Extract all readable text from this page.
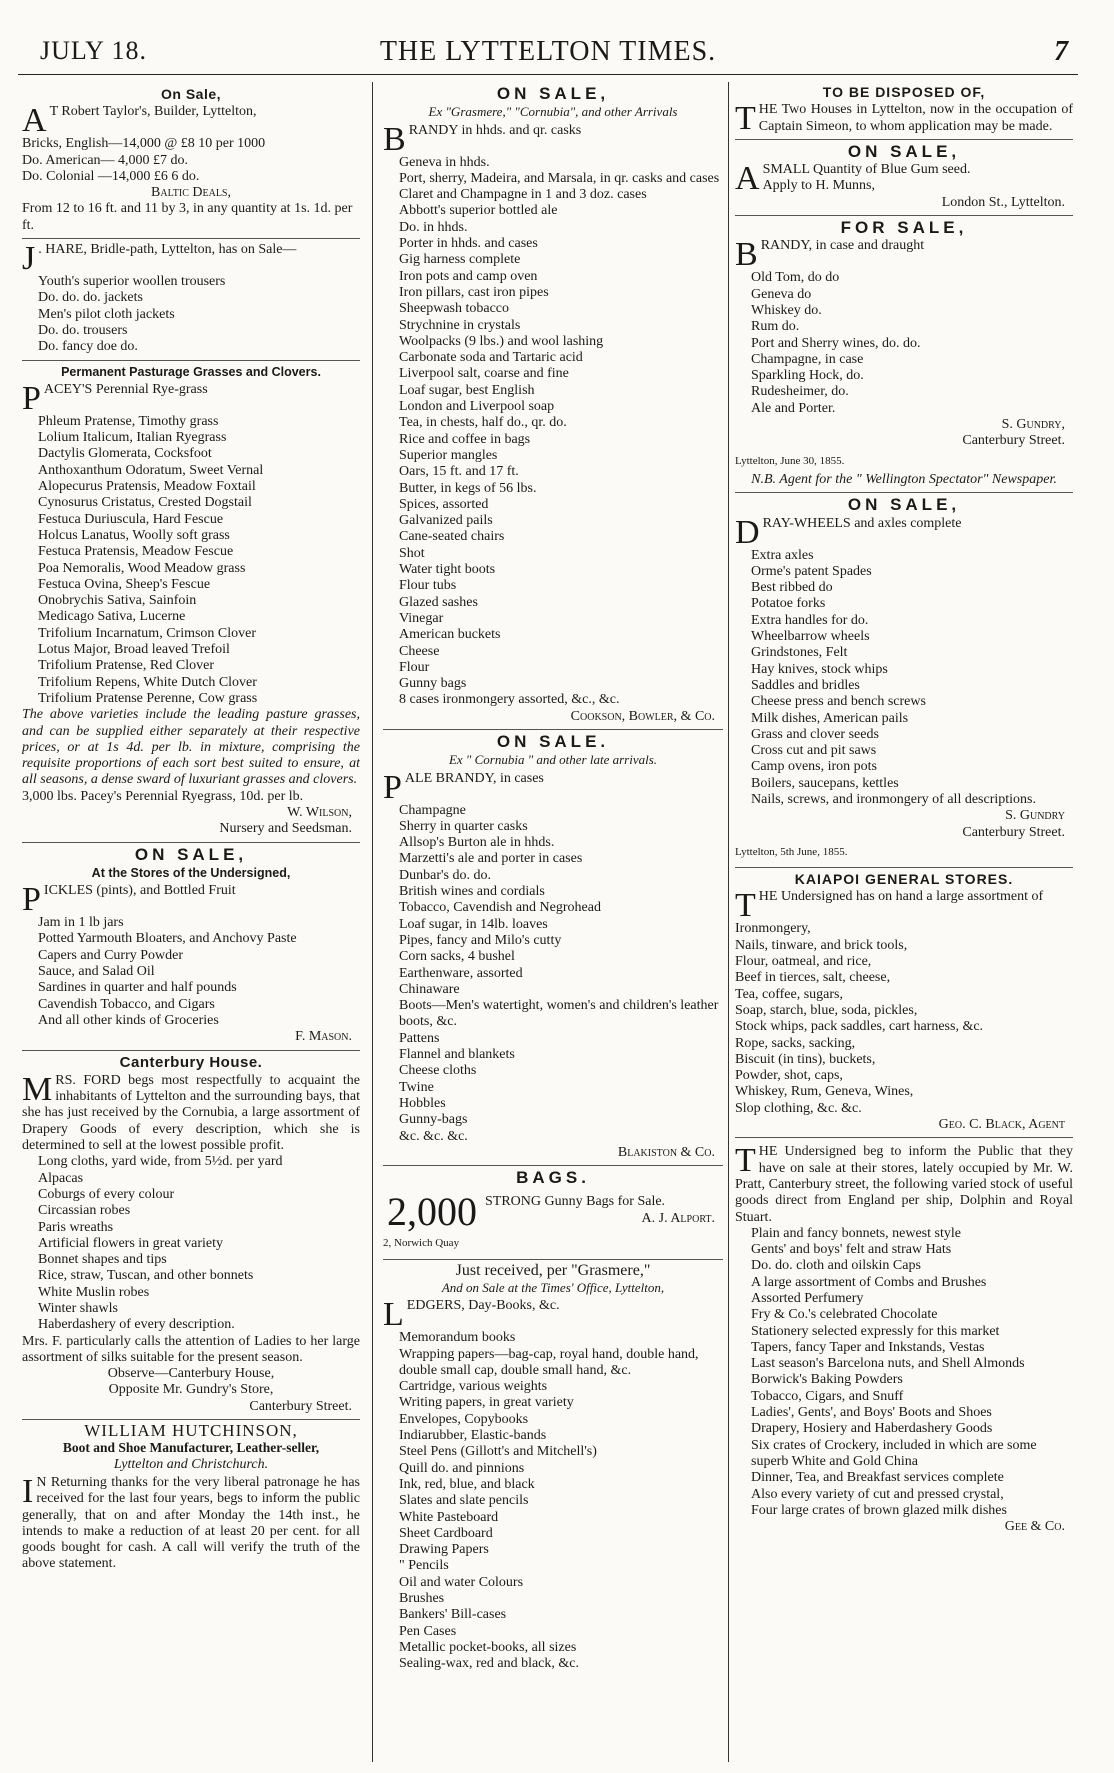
JULY 18.	THE LYTTELTON TIMES.	7
On Sale,
A T Robert Taylor's, Builder, Lyttelton,
Bricks, English—14,000 @ £8 10 per 1000
Do. American— 4,000 £7 do.
Do. Colonial —14,000 £6 6 do.
Baltic Deals,
From 12 to 16 ft. and 11 by 3, in any quantity at 1s. 1d. per ft.
J . HARE, Bridle-path, Lyttelton, has on Sale—
Youth's superior woollen trousers
Do. do. do. jackets
Men's pilot cloth jackets
Do. do. trousers
Do. fancy doe do.
Permanent Pasturage Grasses and Clovers.
PACEY'S Perennial Rye-grass
Phleum Pratense, Timothy grass
Lolium Italicum, Italian Ryegrass
Dactylis Glomerata, Cocksfoot
Anthoxanthum Odoratum, Sweet Vernal
Alopecurus Pratensis, Meadow Foxtail
Cynosurus Cristatus, Crested Dogstail
Festuca Duriuscula, Hard Fescue
Holcus Lanatus, Woolly soft grass
Festuca Pratensis, Meadow Fescue
Poa Nemoralis, Wood Meadow grass
Festuca Ovina, Sheep's Fescue
Onobrychis Sativa, Sainfoin
Medicago Sativa, Lucerne
Trifolium Incarnatum, Crimson Clover
Lotus Major, Broad leaved Trefoil
Trifolium Pratense, Red Clover
Trifolium Repens, White Dutch Clover
Trifolium Pratense Perenne, Cow grass
The above varieties include the leading pasture grasses, and can be supplied either separately at their respective prices, or at 1s 4d. per lb. in mixture, comprising the requisite proportions of each sort best suited to ensure, at all seasons, a dense sward of luxuriant grasses and clovers.
3,000 lbs. Pacey's Perennial Ryegrass, 10d. per lb.
W. Wilson,
Nursery and Seedsman.
ON SALE,
At the Stores of the Undersigned,
PICKLES (pints), and Bottled Fruit
Jam in 1 lb jars
Potted Yarmouth Bloaters, and Anchovy Paste
Capers and Curry Powder
Sauce, and Salad Oil
Sardines in quarter and half pounds
Cavendish Tobacco, and Cigars
And all other kinds of Groceries
F. Mason.
Canterbury House.
MRS. FORD begs most respectfully to acquaint the inhabitants of Lyttelton and the surrounding bays, that she has just received by the Cornubia, a large assortment of Drapery Goods of every description, which she is determined to sell at the lowest possible profit.
Long cloths, yard wide, from 5½d. per yard
Alpacas
Coburgs of every colour
Circassian robes
Paris wreaths
Artificial flowers in great variety
Bonnet shapes and tips
Rice, straw, Tuscan, and other bonnets
White Muslin robes
Winter shawls
Haberdashery of every description.
Mrs. F. particularly calls the attention of Ladies to her large assortment of silks suitable for the present season.
Observe—Canterbury House,
Opposite Mr. Gundry's Store,
Canterbury Street.
WILLIAM HUTCHINSON,
Boot and Shoe Manufacturer, Leather-seller,
Lyttelton and Christchurch.
I N Returning thanks for the very liberal patronage he has received for the last four years, begs to inform the public generally, that on and after Monday the 14th inst., he intends to make a reduction of at least 20 per cent. for all goods bought for cash. A call will verify the truth of the above statement.
ON SALE,
Ex "Grasmere," "Cornubia", and other Arrivals
BRANDY in hhds. and qr. casks
Geneva in hhds.
Port, sherry, Madeira, and Marsala, in qr. casks and cases
Claret and Champagne in 1 and 3 doz. cases
Abbott's superior bottled ale
Do. in hhds.
Porter in hhds. and cases
Gig harness complete
Iron pots and camp oven
Iron pillars, cast iron pipes
Sheepwash tobacco
Strychnine in crystals
Woolpacks (9 lbs.) and wool lashing
Carbonate soda and Tartaric acid
Liverpool salt, coarse and fine
Loaf sugar, best English
London and Liverpool soap
Tea, in chests, half do., qr. do.
Rice and coffee in bags
Superior mangles
Oars, 15 ft. and 17 ft.
Butter, in kegs of 56 lbs.
Spices, assorted
Galvanized pails
Cane-seated chairs
Shot
Water tight boots
Flour tubs
Glazed sashes
Vinegar
American buckets
Cheese
Flour
Gunny bags
8 cases ironmongery assorted, &c., &c.
Cookson, Bowler, & Co.
ON SALE.
Ex " Cornubia " and other late arrivals.
PALE BRANDY, in cases
Champagne
Sherry in quarter casks
Allsop's Burton ale in hhds.
Marzetti's ale and porter in cases
Dunbar's do. do.
British wines and cordials
Tobacco, Cavendish and Negrohead
Loaf sugar, in 14lb. loaves
Pipes, fancy and Milo's cutty
Corn sacks, 4 bushel
Earthenware, assorted
Chinaware
Boots—Men's watertight, women's and children's leather boots, &c.
Pattens
Flannel and blankets
Cheese cloths
Twine
Hobbles
Gunny-bags
&c. &c. &c.
Blakiston & Co.
BAGS.
2,000 STRONG Gunny Bags for Sale.
A. J. Alport.
2, Norwich Quay
Just received, per "Grasmere,"
And on Sale at the Times' Office, Lyttelton,
LEDGERS, Day-Books, &c.
Memorandum books
Wrapping papers—bag-cap, royal hand, double hand, double small cap, double small hand, &c.
Cartridge, various weights
Writing papers, in great variety
Envelopes, Copybooks
Indiarubber, Elastic-bands
Steel Pens (Gillott's and Mitchell's)
Quill do. and pinnions
Ink, red, blue, and black
Slates and slate pencils
White Pasteboard
Sheet Cardboard
Drawing Papers
" Pencils
Oil and water Colours
Brushes
Bankers' Bill-cases
Pen Cases
Metallic pocket-books, all sizes
Sealing-wax, red and black, &c.
TO BE DISPOSED OF,
THE Two Houses in Lyttelton, now in the occupation of Captain Simeon, to whom application may be made.
ON SALE,
ASMALL Quantity of Blue Gum seed.
Apply to H. Munns,
London St., Lyttelton.
FOR SALE,
BRANDY, in case and draught
Old Tom, do do
Geneva do
Whiskey do.
Rum do.
Port and Sherry wines, do. do.
Champagne, in case
Sparkling Hock, do.
Rudesheimer, do.
Ale and Porter.
S. Gundry,
Canterbury Street.
Lyttelton, June 30, 1855.
N.B. Agent for the " Wellington Spectator" Newspaper.
ON SALE,
DRAY-WHEELS and axles complete
Extra axles
Orme's patent Spades
Best ribbed do
Potatoe forks
Extra handles for do.
Wheelbarrow wheels
Grindstones, Felt
Hay knives, stock whips
Saddles and bridles
Cheese press and bench screws
Milk dishes, American pails
Grass and clover seeds
Cross cut and pit saws
Camp ovens, iron pots
Boilers, saucepans, kettles
Nails, screws, and ironmongery of all descriptions.
S. Gundry
Canterbury Street.
Lyttelton, 5th June, 1855.
KAIAPOI GENERAL STORES.
THE Undersigned has on hand a large assortment of
Ironmongery,
Nails, tinware, and brick tools,
Flour, oatmeal, and rice,
Beef in tierces, salt, cheese,
Tea, coffee, sugars,
Soap, starch, blue, soda, pickles,
Stock whips, pack saddles, cart harness, &c.
Rope, sacks, sacking,
Biscuit (in tins), buckets,
Powder, shot, caps,
Whiskey, Rum, Geneva, Wines,
Slop clothing, &c. &c.
Geo. C. Black, Agent
THE Undersigned beg to inform the Public that they have on sale at their stores, lately occupied by Mr. W. Pratt, Canterbury street, the following varied stock of useful goods direct from England per ship, Dolphin and Royal Stuart.
Plain and fancy bonnets, newest style
Gents' and boys' felt and straw Hats
Do. do. cloth and oilskin Caps
A large assortment of Combs and Brushes
Assorted Perfumery
Fry & Co.'s celebrated Chocolate
Stationery selected expressly for this market
Tapers, fancy Taper and Inkstands, Vestas
Last season's Barcelona nuts, and Shell Almonds
Borwick's Baking Powders
Tobacco, Cigars, and Snuff
Ladies', Gents', and Boys' Boots and Shoes
Drapery, Hosiery and Haberdashery Goods
Six crates of Crockery, included in which are some superb White and Gold China
Dinner, Tea, and Breakfast services complete
Also every variety of cut and pressed crystal,
Four large crates of brown glazed milk dishes
Gee & Co.
